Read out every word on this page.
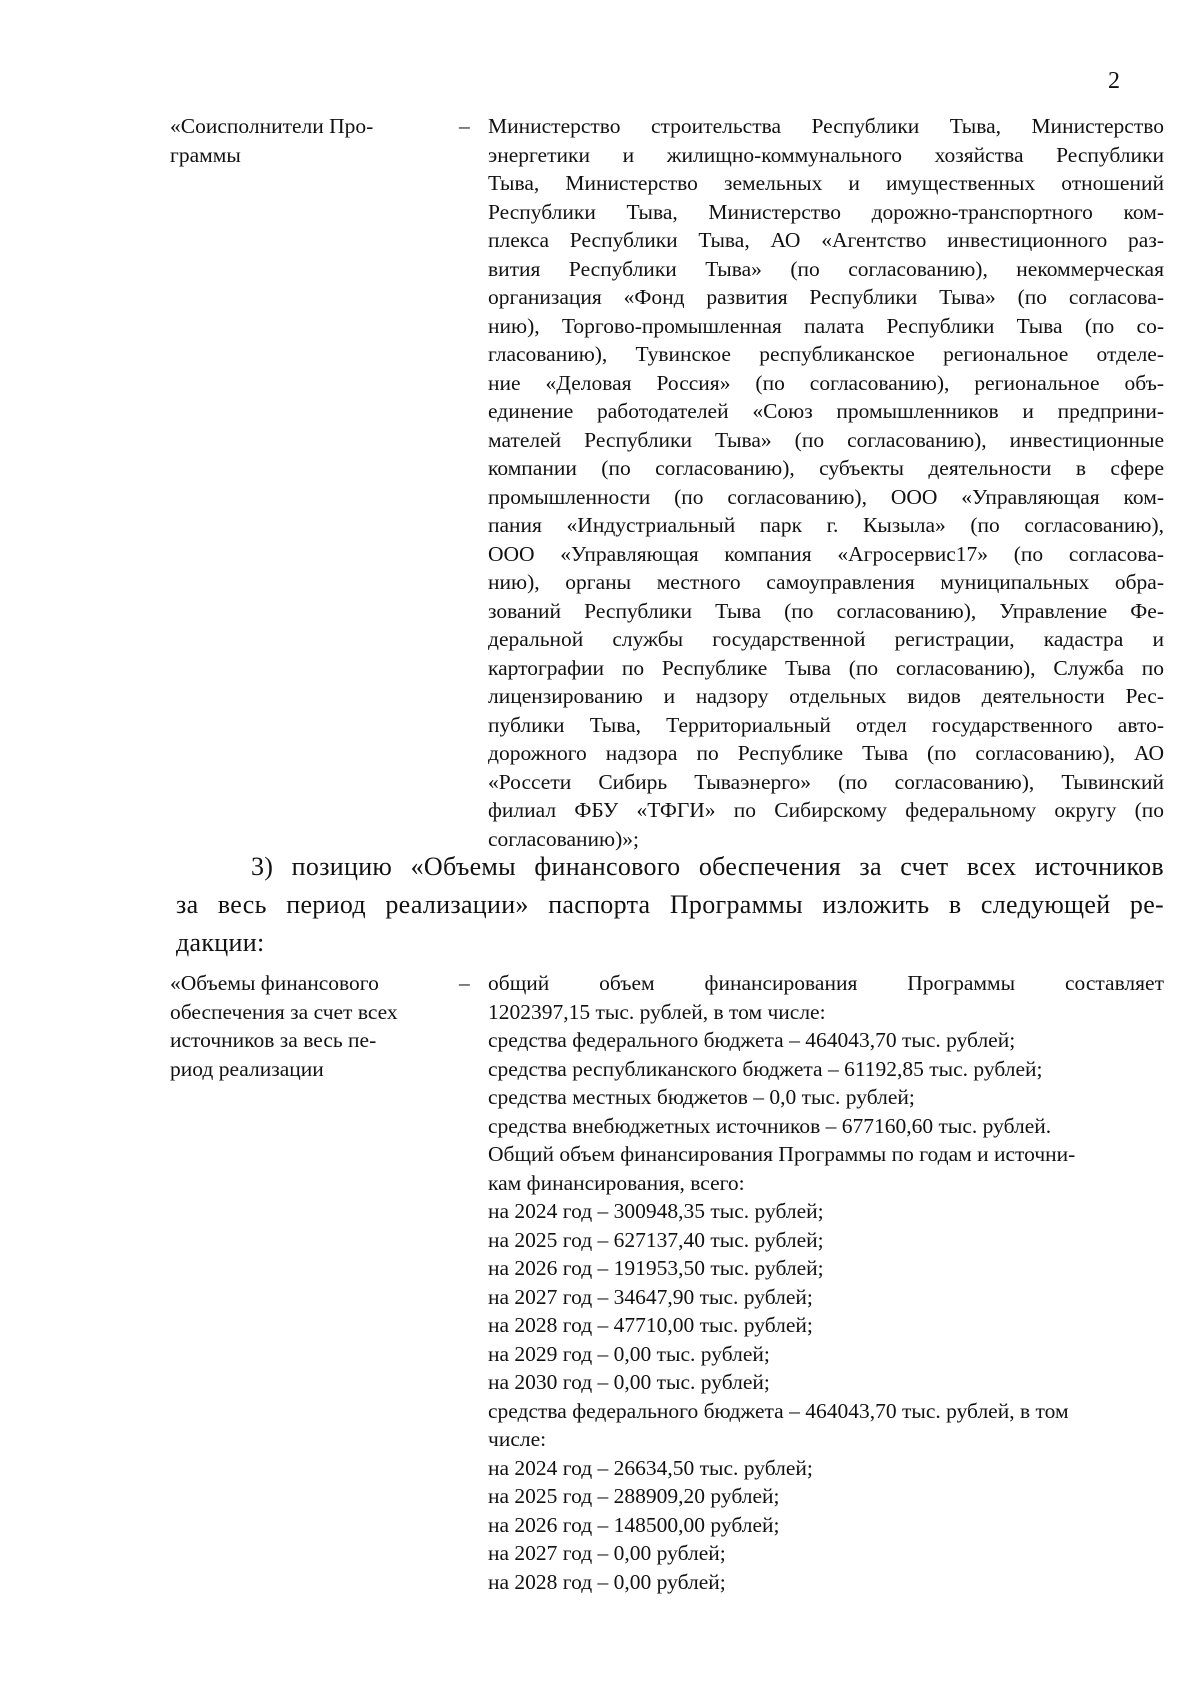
2
«Соисполнители Про-
граммы
– Министерство строительства Республики Тыва, Министерство
энергетики и жилищно-коммунального хозяйства Республики
Тыва, Министерство земельных и имущественных отношений
Республики Тыва, Министерство дорожно-транспортного ком-
плекса Республики Тыва, АО «Агентство инвестиционного раз-
вития Республики Тыва» (по согласованию), некоммерческая
организация «Фонд развития Республики Тыва» (по согласова-
нию), Торгово-промышленная палата Республики Тыва (по со-
гласованию), Тувинское республиканское региональное отделе-
ние «Деловая Россия» (по согласованию), региональное объ-
единение работодателей «Союз промышленников и предприни-
мателей Республики Тыва» (по согласованию), инвестиционные
компании (по согласованию), субъекты деятельности в сфере
промышленности (по согласованию), ООО «Управляющая ком-
пания «Индустриальный парк г. Кызыла» (по согласованию),
ООО «Управляющая компания «Агросервис17» (по согласова-
нию), органы местного самоуправления муниципальных обра-
зований Республики Тыва (по согласованию), Управление Фе-
деральной службы государственной регистрации, кадастра и
картографии по Республике Тыва (по согласованию), Служба по
лицензированию и надзору отдельных видов деятельности Рес-
публики Тыва, Территориальный отдел государственного авто-
дорожного надзора по Республике Тыва (по согласованию), АО
«Россети Сибирь Тываэнерго» (по согласованию), Тывинский
филиал ФБУ «ТФГИ» по Сибирскому федеральному округу (по
согласованию)»;
3) позицию «Объемы финансового обеспечения за счет всех источников
за весь период реализации» паспорта Программы изложить в следующей ре-
дакции:
«Объемы финансового
обеспечения за счет всех
источников за весь пе-
риод реализации
– общий объем финансирования Программы составляет
1202397,15 тыс. рублей, в том числе:
средства федерального бюджета – 464043,70 тыс. рублей;
средства республиканского бюджета – 61192,85 тыс. рублей;
средства местных бюджетов – 0,0 тыс. рублей;
средства внебюджетных источников – 677160,60 тыс. рублей.
Общий объем финансирования Программы по годам и источни-
кам финансирования, всего:
на 2024 год – 300948,35 тыс. рублей;
на 2025 год – 627137,40 тыс. рублей;
на 2026 год – 191953,50 тыс. рублей;
на 2027 год – 34647,90 тыс. рублей;
на 2028 год – 47710,00 тыс. рублей;
на 2029 год – 0,00 тыс. рублей;
на 2030 год – 0,00 тыс. рублей;
средства федерального бюджета – 464043,70 тыс. рублей, в том
числе:
на 2024 год – 26634,50 тыс. рублей;
на 2025 год – 288909,20 рублей;
на 2026 год – 148500,00 рублей;
на 2027 год – 0,00 рублей;
на 2028 год – 0,00 рублей;
